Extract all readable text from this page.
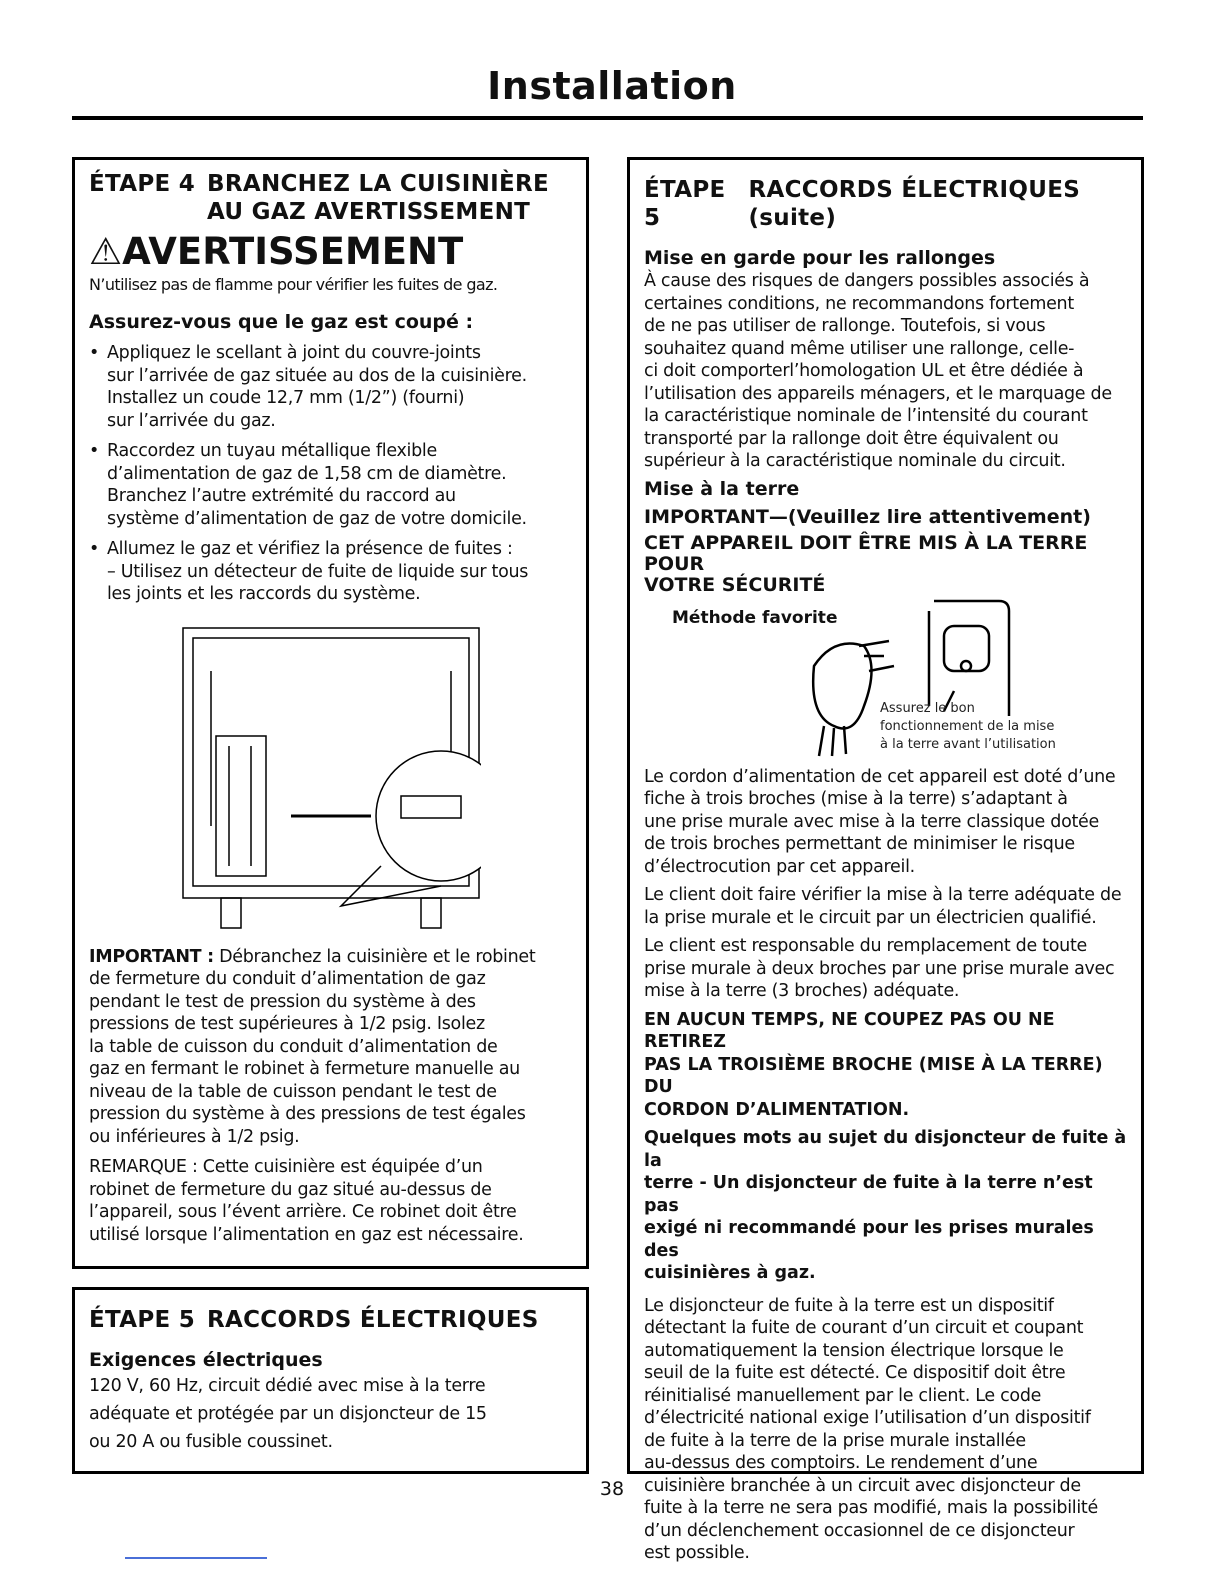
Installation
ÉTAPE 4 BRANCHEZ LA CUISINIÈRE
AU GAZ AVERTISSEMENT
⚠AVERTISSEMENT
N’utilisez pas de flamme pour vérifier les fuites de gaz.
Assurez-vous que le gaz est coupé :
• Appliquez le scellant à joint du couvre-joints
sur l’arrivée de gaz située au dos de la cuisinière.
Installez un coude 12,7 mm (1/2”) (fourni)
sur l’arrivée du gaz.
• Raccordez un tuyau métallique flexible
d’alimentation de gaz de 1,58 cm de diamètre.
Branchez l’autre extrémité du raccord au
système d’alimentation de gaz de votre domicile.
• Allumez le gaz et vérifiez la présence de fuites :
– Utilisez un détecteur de fuite de liquide sur tous
les joints et les raccords du système.
IMPORTANT : Débranchez la cuisinière et le robinet
de fermeture du conduit d’alimentation de gaz
pendant le test de pression du système à des
pressions de test supérieures à 1/2 psig. Isolez
la table de cuisson du conduit d’alimentation de
gaz en fermant le robinet à fermeture manuelle au
niveau de la table de cuisson pendant le test de
pression du système à des pressions de test égales
ou inférieures à 1/2 psig.
REMARQUE : Cette cuisinière est équipée d’un
robinet de fermeture du gaz situé au-dessus de
l’appareil, sous l’évent arrière. Ce robinet doit être
utilisé lorsque l’alimentation en gaz est nécessaire.
ÉTAPE 5 RACCORDS ÉLECTRIQUES
Exigences électriques
120 V, 60 Hz, circuit dédié avec mise à la terre
adéquate et protégée par un disjoncteur de 15
ou 20 A ou fusible coussinet.
ÉTAPE 5
RACCORDS ÉLECTRIQUES (suite)
Mise en garde pour les rallonges
À cause des risques de dangers possibles associés à
certaines conditions, ne recommandons fortement
de ne pas utiliser de rallonge. Toutefois, si vous
souhaitez quand même utiliser une rallonge, celle-
ci doit comporterl’homologation UL et être dédiée à
l’utilisation des appareils ménagers, et le marquage de
la caractéristique nominale de l’intensité du courant
transporté par la rallonge doit être équivalent ou
supérieur à la caractéristique nominale du circuit.
Mise à la terre
IMPORTANT—(Veuillez lire attentivement)
CET APPAREIL DOIT ÊTRE MIS À LA TERRE POUR
VOTRE SÉCURITÉ
Méthode favorite
Assurez le bon
fonctionnement de la mise
à la terre avant l’utilisation
Le cordon d’alimentation de cet appareil est doté d’une
fiche à trois broches (mise à la terre) s’adaptant à
une prise murale avec mise à la terre classique dotée
de trois broches permettant de minimiser le risque
d’électrocution par cet appareil.
Le client doit faire vérifier la mise à la terre adéquate de
la prise murale et le circuit par un électricien qualifié.
Le client est responsable du remplacement de toute
prise murale à deux broches par une prise murale avec
mise à la terre (3 broches) adéquate.
EN AUCUN TEMPS, NE COUPEZ PAS OU NE RETIREZ
PAS LA TROISIÈME BROCHE (MISE À LA TERRE) DU
CORDON D’ALIMENTATION.
Quelques mots au sujet du disjoncteur de fuite à la
terre - Un disjoncteur de fuite à la terre n’est pas
exigé ni recommandé pour les prises murales des
cuisinières à gaz.
Le disjoncteur de fuite à la terre est un dispositif
détectant la fuite de courant d’un circuit et coupant
automatiquement la tension électrique lorsque le
seuil de la fuite est détecté. Ce dispositif doit être
réinitialisé manuellement par le client. Le code
d’électricité national exige l’utilisation d’un dispositif
de fuite à la terre de la prise murale installée
au-dessus des comptoirs. Le rendement d’une
cuisinière branchée à un circuit avec disjoncteur de
fuite à la terre ne sera pas modifié, mais la possibilité
d’un déclenchement occasionnel de ce disjoncteur
est possible.
38
